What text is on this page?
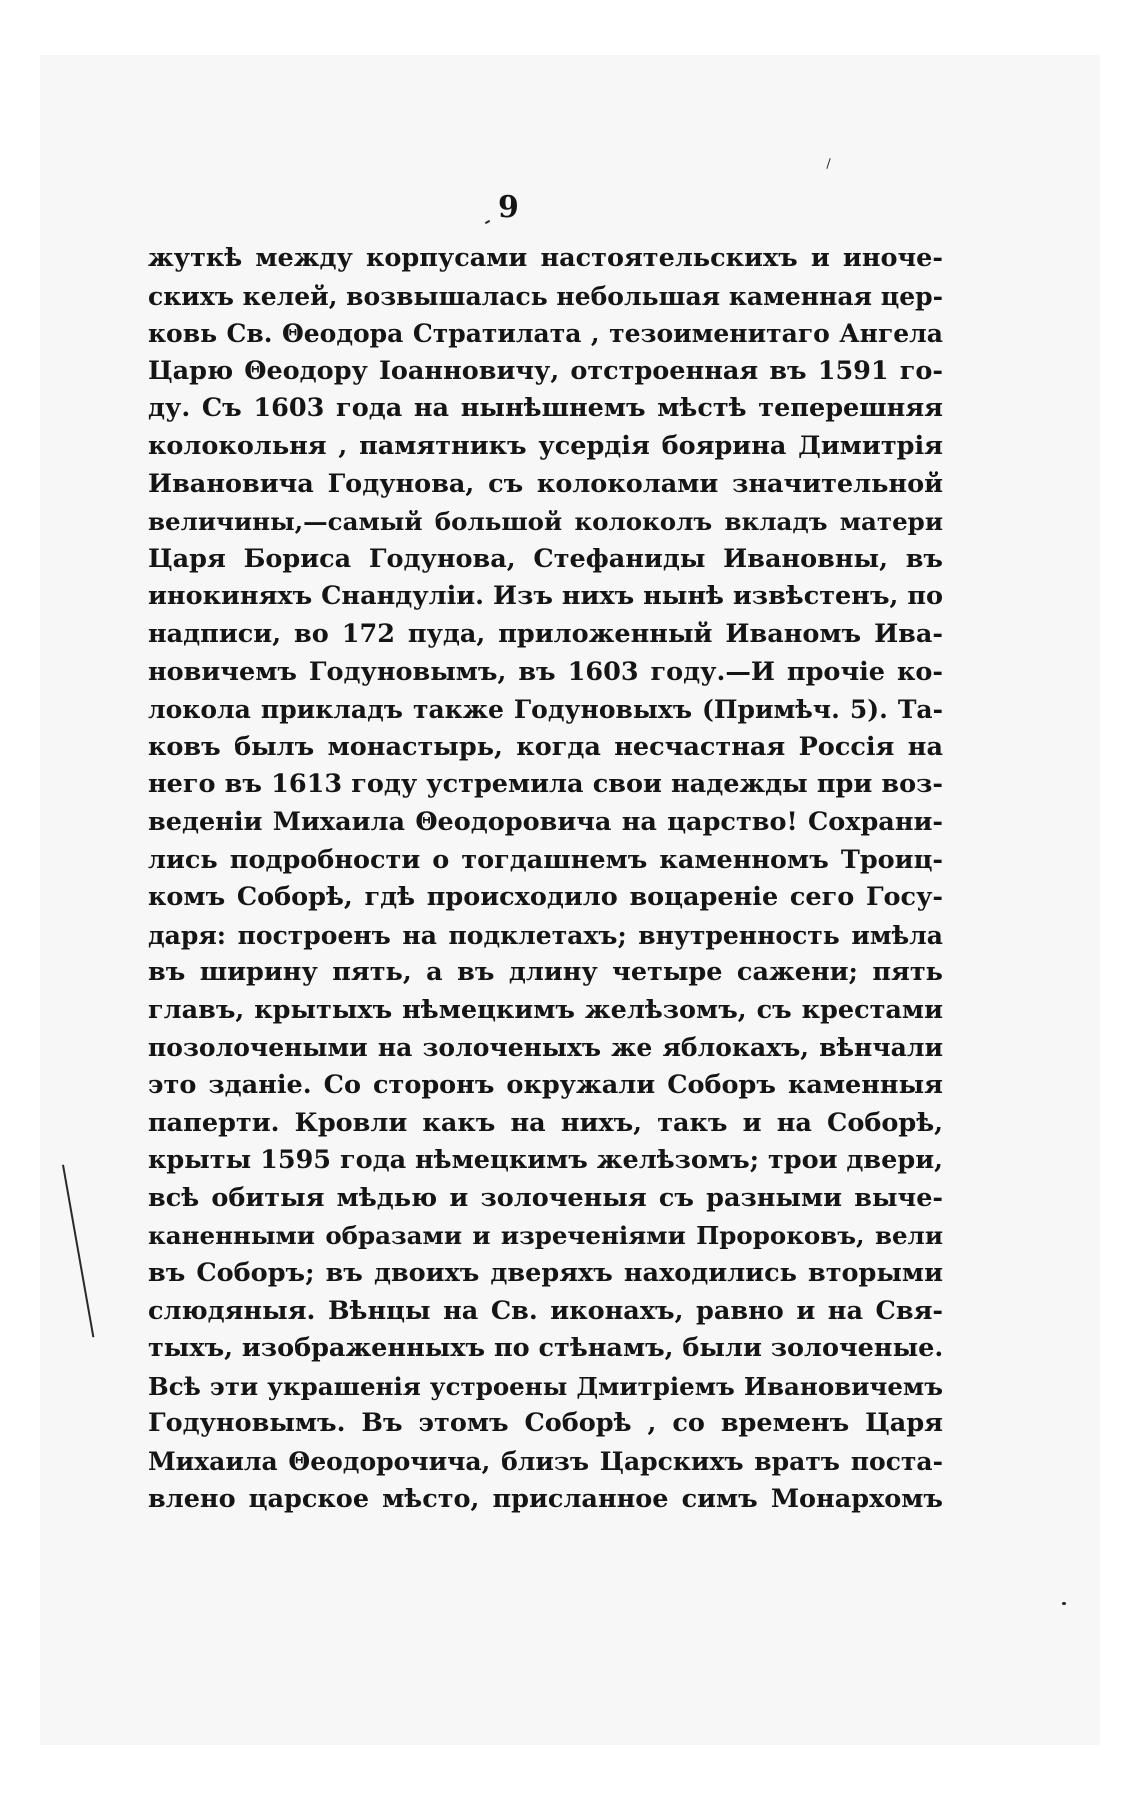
9
жуткѣ между корпусами настоятельскихъ и иноче-
скихъ келей, возвышалась небольшая каменная цер-
ковь Св. Θеодора Стратилата , тезоименитаго Ангела
Царю Θеодору Іоанновичу, отстроенная въ 1591 го-
ду. Съ 1603 года на нынѣшнемъ мѣстѣ теперешняя
колокольня , памятникъ усердія боярина Димитрія
Ивановича Годунова, съ колоколами значительной
величины,—самый большой колоколъ вкладъ матери
Царя Бориса Годунова, Стефаниды Ивановны, въ
инокиняхъ Снандуліи. Изъ нихъ нынѣ извѣстенъ, по
надписи, во 172 пуда, приложенный Иваномъ Ива-
новичемъ Годуновымъ, въ 1603 году.—И прочіе ко-
локола прикладъ также Годуновыхъ (Примѣч. 5). Та-
ковъ былъ монастырь, когда несчастная Россія на
него въ 1613 году устремила свои надежды при воз-
веденіи Михаила Θеодоровича на царство! Сохрани-
лись подробности о тогдашнемъ каменномъ Троиц-
комъ Соборѣ, гдѣ происходило воцареніе сего Госу-
даря: построенъ на подклетахъ; внутренность имѣла
въ ширину пять, а въ длину четыре сажени; пять
главъ, крытыхъ нѣмецкимъ желѣзомъ, съ крестами
позолочеными на золоченыхъ же яблокахъ, вѣнчали
это зданіе. Со сторонъ окружали Соборъ каменныя
паперти. Кровли какъ на нихъ, такъ и на Соборѣ,
крыты 1595 года нѣмецкимъ желѣзомъ; трои двери,
всѣ обитыя мѣдью и золоченыя съ разными выче-
каненными образами и изреченіями Пророковъ, вели
въ Соборъ; въ двоихъ дверяхъ находились вторыми
слюдяныя. Вѣнцы на Св. иконахъ, равно и на Свя-
тыхъ, изображенныхъ по стѣнамъ, были золоченые.
Всѣ эти украшенія устроены Дмитріемъ Ивановичемъ
Годуновымъ. Въ этомъ Соборѣ , со временъ Царя
Михаила Θеодорочича, близъ Царскихъ вратъ поста-
влено царское мѣсто, присланное симъ Монархомъ
